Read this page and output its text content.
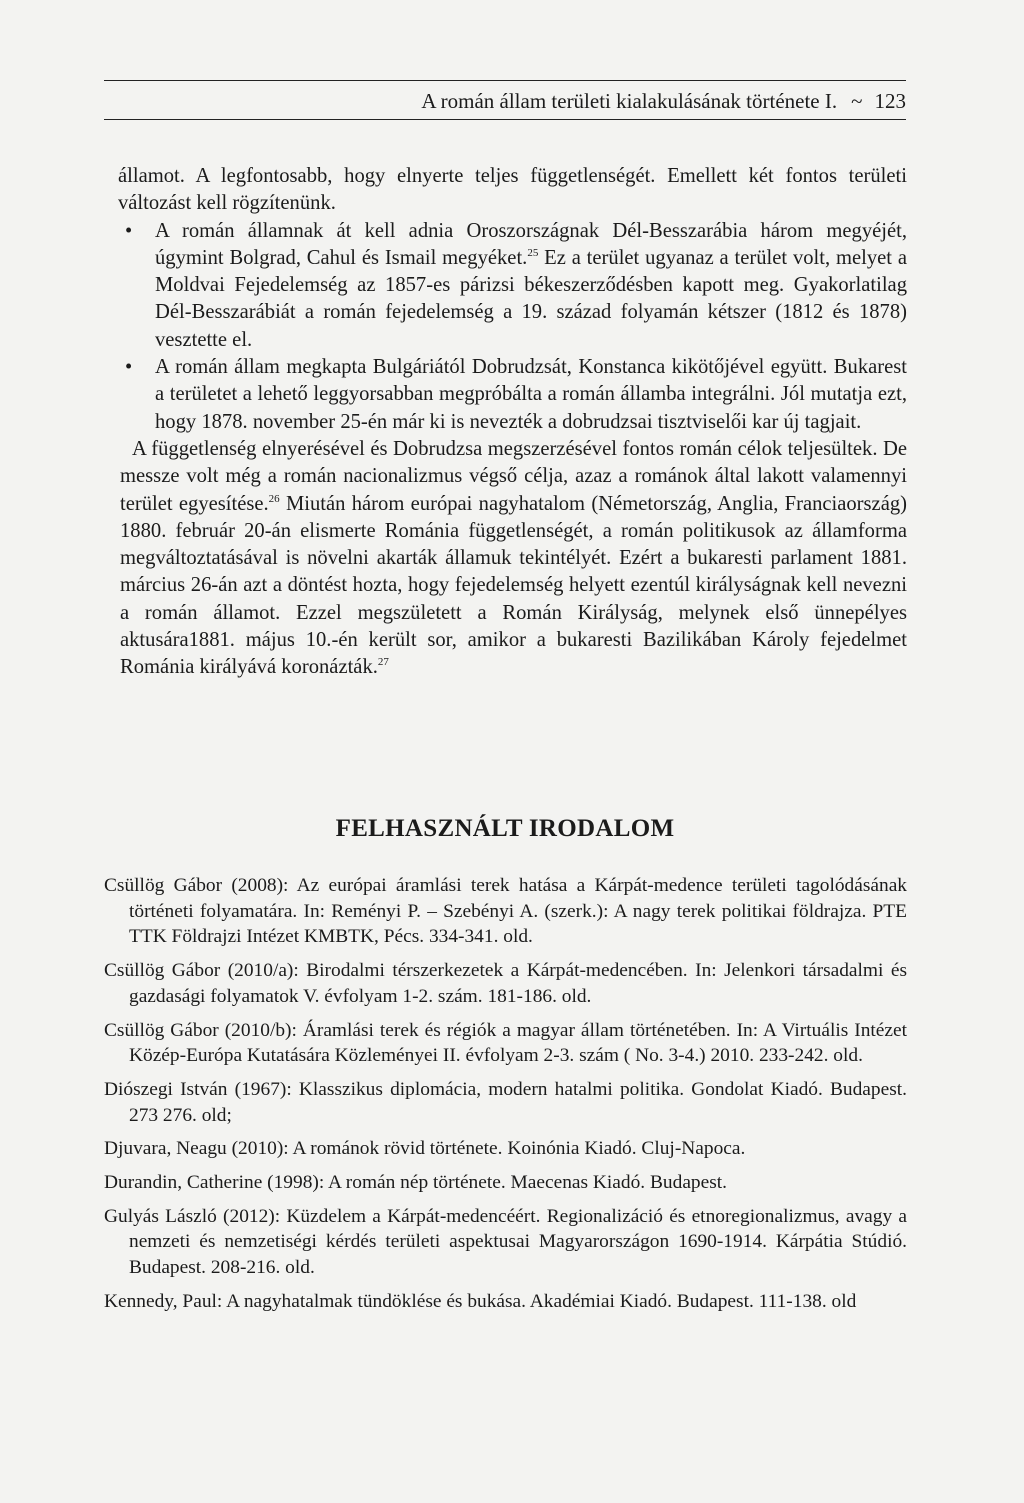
A román állam területi kialakulásának története I. ~ 123

államot. A legfontosabb, hogy elnyerte teljes függetlenségét. Emellett két fontos területi változást kell rögzítenünk.

• A román államnak át kell adnia Oroszországnak Dél-Besszarábia három megyéjét, úgymint Bolgrad, Cahul és Ismail megyéket.$^{25}$ Ez a terület ugyanaz a terület volt, melyet a Moldvai Fejedelemség az 1857-es párizsi békeszerződésben kapott meg. Gyakorlatilag Dél-Besszarábiát a román fejedelemség a 19. század folyamán kétszer (1812 és 1878) vesztette el.
• A román állam megkapta Bulgáriától Dobrudzsát, Konstanca kikötőjével együtt. Bukarest a területet a lehető leggyorsabban megpróbálta a román államba integrálni. Jól mutatja ezt, hogy 1878. november 25-én már ki is nevezték a dobrudzsai tisztviselői kar új tagjait.

A függetlenség elnyerésével és Dobrudzsa megszerzésével fontos román célok teljesültek. De messze volt még a román nacionalizmus végső célja, azaz a románok által lakott valamennyi terület egyesítése.$^{26}$ Miután három európai nagyhatalom (Németország, Anglia, Franciaország) 1880. február 20-án elismerte Románia függetlenségét, a román politikusok az államforma megváltoztatásával is növelni akarták államuk tekintélyét. Ezért a bukaresti parlament 1881. március 26-án azt a döntést hozta, hogy fejedelemség helyett ezentúl királyságnak kell nevezni a román államot. Ezzel megszületett a Román Királyság, melynek első ünnepélyes aktusára1881. május 10.-én került sor, amikor a bukaresti Bazilikában Károly fejedelmet Románia királyává koronázták.$^{27}$

FELHASZNÁLT IRODALOM
Csüllög Gábor (2008): Az európai áramlási terek hatása a Kárpát-medence területi tagolódásának történeti folyamatára. In: Reményi P. – Szebényi A. (szerk.): A nagy terek politikai földrajza. PTE TTK Földrajzi Intézet KMBTK, Pécs. 334-341. old.
Csüllög Gábor (2010/a): Birodalmi térszerkezetek a Kárpát-medencében. In: Jelenkori társadalmi és gazdasági folyamatok V. évfolyam 1-2. szám. 181-186. old.
Csüllög Gábor (2010/b): Áramlási terek és régiók a magyar állam történetében. In: A Virtuális Intézet Közép-Európa Kutatására Közleményei II. évfolyam 2-3. szám ( No. 3-4.) 2010. 233-242. old.
Diószegi István (1967): Klasszikus diplomácia, modern hatalmi politika. Gondolat Kiadó. Budapest. 273 276. old;
Djuvara, Neagu (2010): A románok rövid története. Koinónia Kiadó. Cluj-Napoca.
Durandin, Catherine (1998): A román nép története. Maecenas Kiadó. Budapest.
Gulyás László (2012): Küzdelem a Kárpát-medencéért. Regionalizáció és etnoregionalizmus, avagy a nemzeti és nemzetiségi kérdés területi aspektusai Magyarországon 1690-1914. Kárpátia Stúdió. Budapest. 208-216. old.
Kennedy, Paul: A nagyhatalmak tündöklése és bukása. Akadémiai Kiadó. Budapest. 111-138. old
